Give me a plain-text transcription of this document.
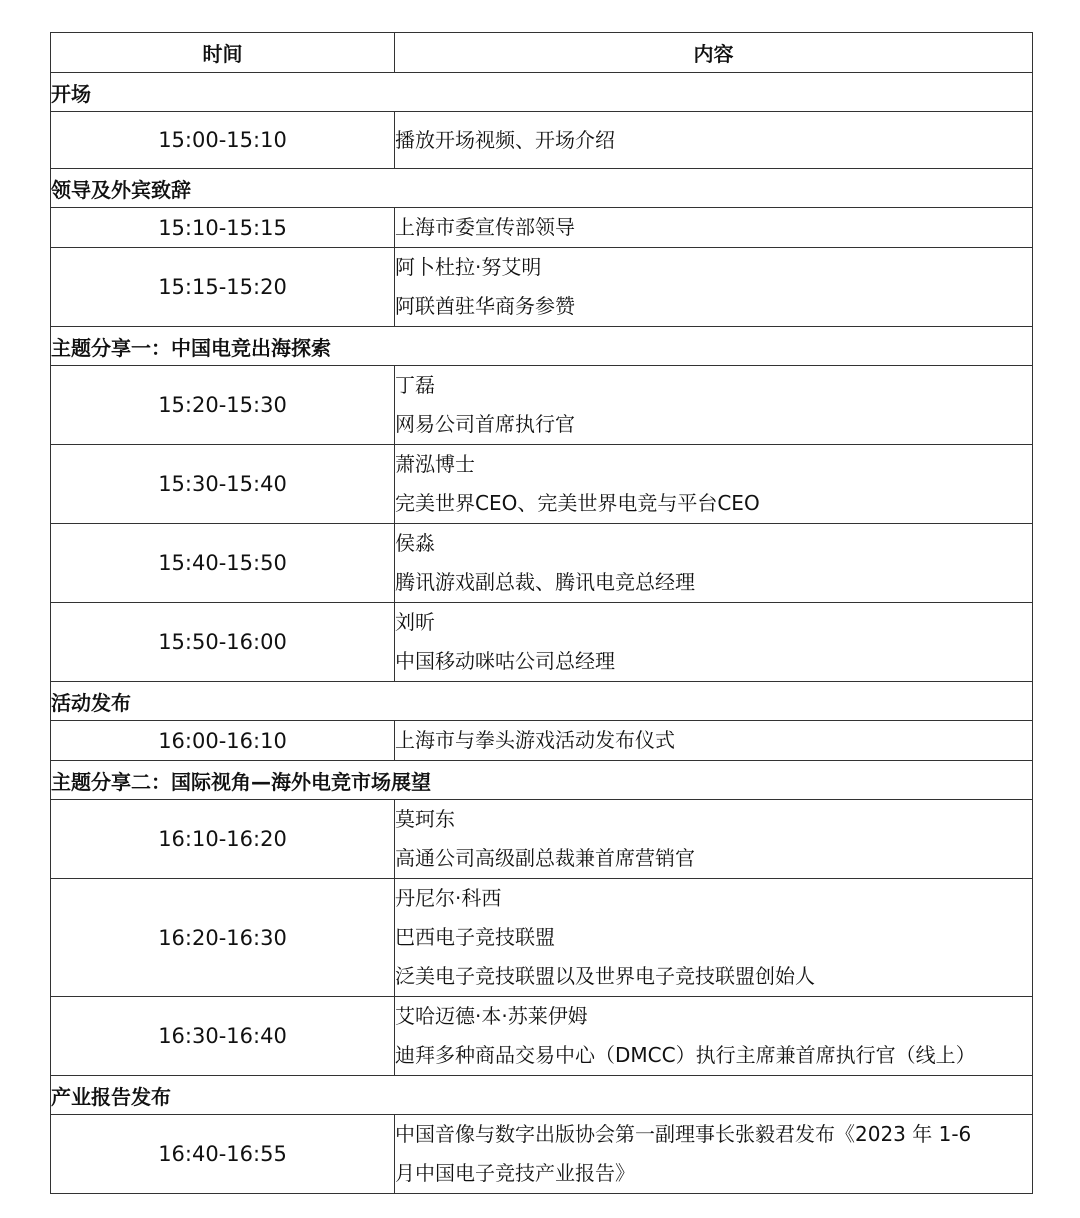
时间	内容
开场	
15:00-15:10	播放开场视频、开场介绍

领导及外宾致辞	
15:10-15:15	上海市委宣传部领导

15:15-15:20	阿卜杜拉·努艾明
阿联酋驻华商务参赞

主题分享一：中国电竞出海探索	
15:20-15:30	丁磊
网易公司首席执行官

15:30-15:40	萧泓博士
完美世界CEO、完美世界电竞与平台CEO

15:40-15:50	侯淼
腾讯游戏副总裁、腾讯电竞总经理

15:50-16:00	刘昕
中国移动咪咕公司总经理

活动发布	
16:00-16:10	上海市与拳头游戏活动发布仪式

主题分享二：国际视角—海外电竞市场展望	
16:10-16:20	莫珂东
高通公司高级副总裁兼首席营销官

16:20-16:30	丹尼尔·科西
巴西电子竞技联盟
泛美电子竞技联盟以及世界电子竞技联盟创始人

16:30-16:40	艾哈迈德·本·苏莱伊姆
迪拜多种商品交易中心（DMCC）执行主席兼首席执行官（线上）

产业报告发布	
16:40-16:55	中国音像与数字出版协会第一副理事长张毅君发布《2023 年 1-6
月中国电子竞技产业报告》
